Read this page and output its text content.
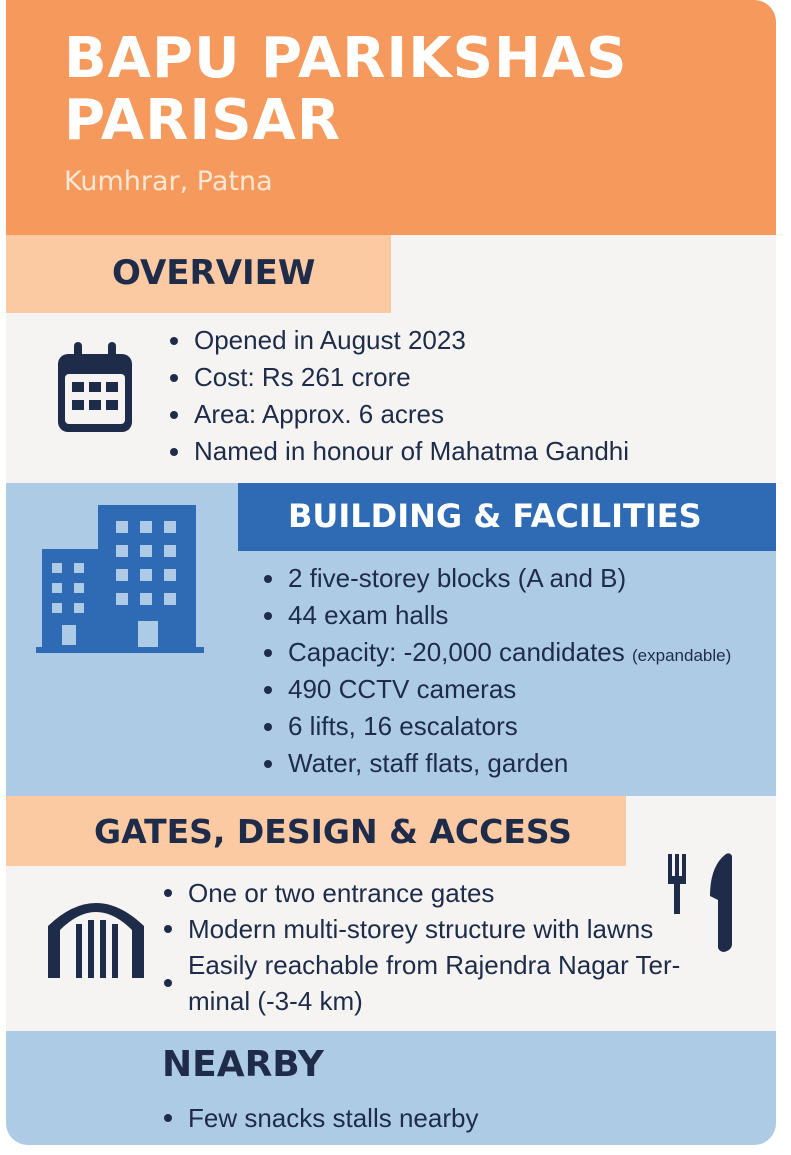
BAPU PARIKSHAS PARISAR
Kumhrar, Patna
OVERVIEW
Opened in August 2023
Cost: Rs 261 crore
Area: Approx. 6 acres
Named in honour of Mahatma Gandhi
BUILDING & FACILITIES
2 five-storey blocks (A and B)
44 exam halls
Capacity: -20,000 candidates (expandable)
490 CCTV cameras
6 lifts, 16 escalators
Water, staff flats, garden
GATES, DESIGN & ACCESS
One or two entrance gates
Modern multi-storey structure with lawns
Easily reachable from Rajendra Nagar Ter-minal (-3-4 km)
NEARBY
Few snacks stalls nearby
